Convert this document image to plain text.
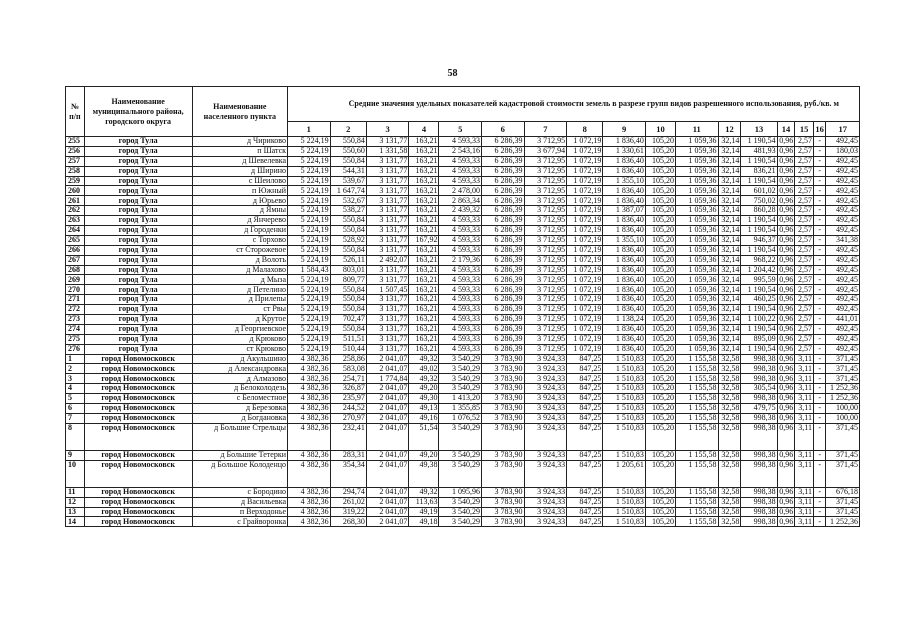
58
№ п/п	Наименование муниципального района, городского округа	Наименование населенного пункта	Средние значения удельных показателей кадастровой стоимости земель в разрезе групп видов разрешенного использования, руб./кв. м																
			1	2	3	4	5	6	7	8	9	10	11	12	13	14	15	16	17
255	город Тула	д Чириково	5 224,19	550,84	3 131,77	163,21	4 593,33	6 286,39	3 712,95	1 072,19	1 836,40	105,20	1 059,36	32,14	1 190,54	0,96	2,57	-	492,45
256	город Тула	п Шатск	5 224,19	550,60	1 331,58	163,21	2 543,16	6 286,39	3 677,94	1 072,19	1 330,61	105,20	1 059,36	32,14	481,93	0,96	2,57	-	180,03
257	город Тула	д Шевелевка	5 224,19	550,84	3 131,77	163,21	4 593,33	6 286,39	3 712,95	1 072,19	1 836,40	105,20	1 059,36	32,14	1 190,54	0,96	2,57	-	492,45
258	город Тула	д Ширино	5 224,19	544,31	3 131,77	163,21	4 593,33	6 286,39	3 712,95	1 072,19	1 836,40	105,20	1 059,36	32,14	836,21	0,96	2,57	-	492,45
259	город Тула	с Шеилово	5 224,19	539,67	3 131,77	163,21	4 593,33	6 286,39	3 712,95	1 072,19	1 355,10	105,20	1 059,36	32,14	1 190,54	0,96	2,57	-	492,45
260	город Тула	п Южный	5 224,19	1 647,74	3 131,77	163,21	2 478,00	6 286,39	3 712,95	1 072,19	1 836,40	105,20	1 059,36	32,14	601,02	0,96	2,57	-	492,45
261	город Тула	д Юрьево	5 224,19	532,67	3 131,77	163,21	2 863,34	6 286,39	3 712,95	1 072,19	1 836,40	105,20	1 059,36	32,14	750,02	0,96	2,57	-	492,45
262	город Тула	д Ямны	5 224,19	538,27	3 131,77	163,21	2 439,32	6 286,39	3 712,95	1 072,19	1 387,07	105,20	1 059,36	32,14	860,28	0,96	2,57	-	492,45
263	город Тула	д Янчерево	5 224,19	550,84	3 131,77	163,21	4 593,33	6 286,39	3 712,95	1 072,19	1 836,40	105,20	1 059,36	32,14	1 190,54	0,96	2,57	-	492,45
264	город Тула	д Городенки	5 224,19	550,84	3 131,77	163,21	4 593,33	6 286,39	3 712,95	1 072,19	1 836,40	105,20	1 059,36	32,14	1 190,54	0,96	2,57	-	492,45
265	город Тула	с Торхово	5 224,19	528,92	3 131,77	167,92	4 593,33	6 286,39	3 712,95	1 072,19	1 355,10	105,20	1 059,36	32,14	946,37	0,96	2,57	-	341,38
266	город Тула	ст Сторожевое	5 224,19	550,84	3 131,77	163,21	4 593,33	6 286,39	3 712,95	1 072,19	1 836,40	105,20	1 059,36	32,14	1 190,54	0,96	2,57	-	492,45
267	город Тула	д Волоть	5 224,19	526,11	2 492,07	163,21	2 179,36	6 286,39	3 712,95	1 072,19	1 836,40	105,20	1 059,36	32,14	968,22	0,96	2,57	-	492,45
268	город Тула	д Малахово	1 584,43	803,01	3 131,77	163,21	4 593,33	6 286,39	3 712,95	1 072,19	1 836,40	105,20	1 059,36	32,14	1 204,42	0,96	2,57	-	492,45
269	город Тула	д Мыза	5 224,19	809,77	3 131,77	163,21	4 593,33	6 286,39	3 712,95	1 072,19	1 836,40	105,20	1 059,36	32,14	995,59	0,96	2,57	-	492,45
270	город Тула	д Петелино	5 224,19	550,84	1 507,45	163,21	4 593,33	6 286,39	3 712,95	1 072,19	1 836,40	105,20	1 059,36	32,14	1 190,54	0,96	2,57	-	492,45
271	город Тула	д Прилепы	5 224,19	550,84	3 131,77	163,21	4 593,33	6 286,39	3 712,95	1 072,19	1 836,40	105,20	1 059,36	32,14	460,25	0,96	2,57	-	492,45
272	город Тула	ст Рвы	5 224,19	550,84	3 131,77	163,21	4 593,33	6 286,39	3 712,95	1 072,19	1 836,40	105,20	1 059,36	32,14	1 190,54	0,96	2,57	-	492,45
273	город Тула	д Крутое	5 224,19	702,47	3 131,77	163,21	4 593,33	6 286,39	3 712,95	1 072,19	1 138,24	105,20	1 059,36	32,14	1 100,22	0,96	2,57	-	441,01
274	город Тула	д Георгиевское	5 224,19	550,84	3 131,77	163,21	4 593,33	6 286,39	3 712,95	1 072,19	1 836,40	105,20	1 059,36	32,14	1 190,54	0,96	2,57	-	492,45
275	город Тула	д Крюково	5 224,19	511,51	3 131,77	163,21	4 593,33	6 286,39	3 712,95	1 072,19	1 836,40	105,20	1 059,36	32,14	895,09	0,96	2,57	-	492,45
276	город Тула	ст Крюково	5 224,19	510,44	3 131,77	163,21	4 593,33	6 286,39	3 712,95	1 072,19	1 836,40	105,20	1 059,36	32,14	1 190,54	0,96	2,57	-	492,45
1	город Новомосковск	д Акульшино	4 382,36	258,86	2 041,07	49,32	3 540,29	3 783,90	3 924,33	847,25	1 510,83	105,20	1 155,58	32,58	998,38	0,96	3,11	-	371,45
2	город Новомосковск	д Александровка	4 382,36	583,08	2 041,07	49,02	3 540,29	3 783,90	3 924,33	847,25	1 510,83	105,20	1 155,58	32,58	998,38	0,96	3,11	-	371,45
3	город Новомосковск	д Алмазово	4 382,36	254,71	1 774,84	49,32	3 540,29	3 783,90	3 924,33	847,25	1 510,83	105,20	1 155,58	32,58	998,38	0,96	3,11	-	371,45
4	город Новомосковск	д Белоколодезь	4 382,36	326,87	2 041,07	49,20	3 540,29	3 783,90	3 924,33	847,25	1 510,83	105,20	1 155,58	32,58	305,54	0,96	3,11	-	1 252,36
5	город Новомосковск	с Беломестное	4 382,36	235,97	2 041,07	49,30	1 413,20	3 783,90	3 924,33	847,25	1 510,83	105,20	1 155,58	32,58	998,38	0,96	3,11	-	1 252,36
6	город Новомосковск	д Березовка	4 382,36	244,52	2 041,07	49,13	1 355,85	3 783,90	3 924,33	847,25	1 510,83	105,20	1 155,58	32,58	479,75	0,96	3,11	-	100,00
7	город Новомосковск	д Богдановка	4 382,36	270,97	2 041,07	49,16	1 076,52	3 783,90	3 924,33	847,25	1 510,83	105,20	1 155,58	32,58	998,38	0,96	3,11	-	100,00
8	город Новомосковск	д Большие Стрельцы	4 382,36	232,41	2 041,07	51,54	3 540,29	3 783,90	3 924,33	847,25	1 510,83	105,20	1 155,58	32,58	998,38	0,96	3,11	-	371,45
9	город Новомосковск	д Большие Тетерки	4 382,36	283,31	2 041,07	49,20	3 540,29	3 783,90	3 924,33	847,25	1 510,83	105,20	1 155,58	32,58	998,38	0,96	3,11	-	371,45
10	город Новомосковск	д Большое Колоденцо	4 382,36	354,34	2 041,07	49,38	3 540,29	3 783,90	3 924,33	847,25	1 205,61	105,20	1 155,58	32,58	998,38	0,96	3,11	-	371,45
11	город Новомосковск	с Бородино	4 382,36	294,74	2 041,07	49,32	1 095,96	3 783,90	3 924,33	847,25	1 510,83	105,20	1 155,58	32,58	998,38	0,96	3,11	-	676,18
12	город Новомосковск	д Васильевка	4 382,36	261,02	2 041,07	113,63	3 540,29	3 783,90	3 924,33	847,25	1 510,83	105,20	1 155,58	32,58	998,38	0,96	3,11	-	371,45
13	город Новомосковск	п Верходонье	4 382,36	319,22	2 041,07	49,19	3 540,29	3 783,90	3 924,33	847,25	1 510,83	105,20	1 155,58	32,58	998,38	0,96	3,11	-	371,45
14	город Новомосковск	с Грайворонка	4 382,36	268,30	2 041,07	49,18	3 540,29	3 783,90	3 924,33	847,25	1 510,83	105,20	1 155,58	32,58	998,38	0,96	3,11	-	1 252,36
